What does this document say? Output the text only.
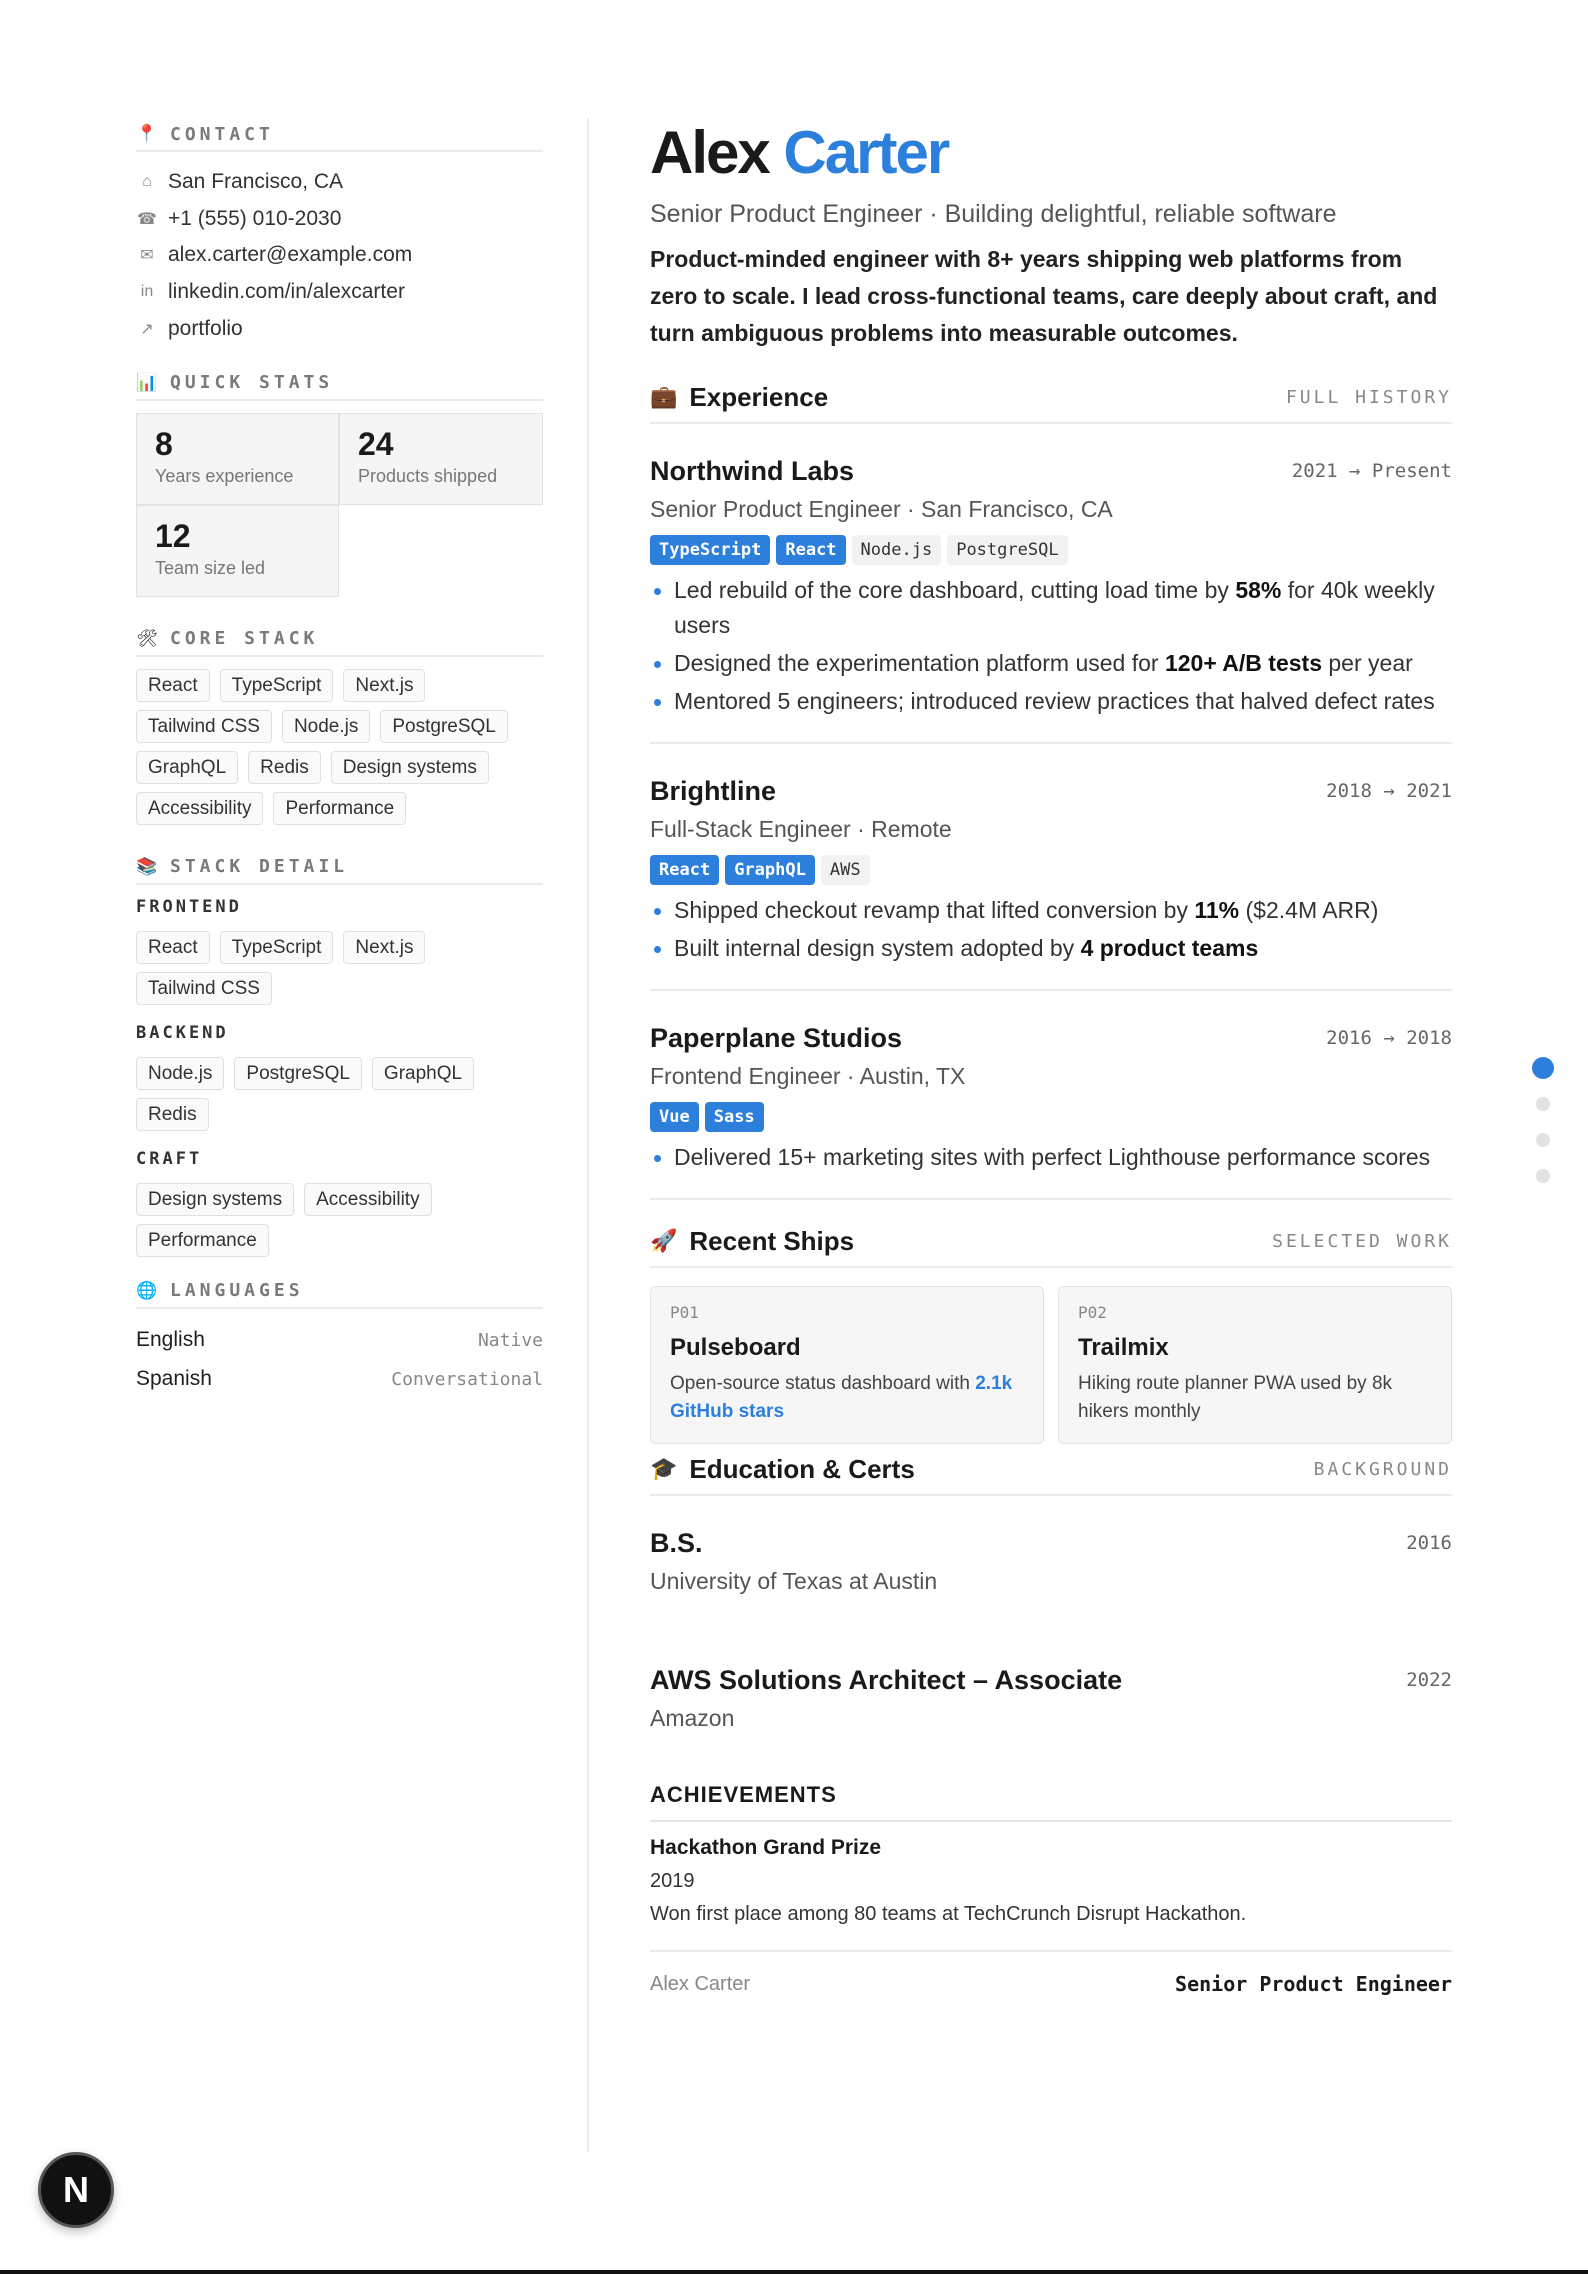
📍 CONTACT
⌂ San Francisco, CA
☎ +1 (555) 010-2030
✉ alex.carter@example.com
in linkedin.com/in/alexcarter
↗ portfolio
📊 QUICK STATS
8
Years experience
24
Products shipped
12
Team size led
🛠 CORE STACK
React	TypeScript	Next.js
Tailwind CSS	Node.js	PostgreSQL
GraphQL	Redis	Design systems
Accessibility	Performance
📚 STACK DETAIL
FRONTEND
React	TypeScript	Next.js
Tailwind CSS
BACKEND
Node.js	PostgreSQL	GraphQL
Redis
CRAFT
Design systems	Accessibility
Performance
🌐 LANGUAGES
English	Native
Spanish	Conversational
Alex Carter
Senior Product Engineer · Building delightful, reliable software

Product-minded engineer with 8+ years shipping web platforms from zero to scale. I lead cross-functional teams, care deeply about craft, and turn ambiguous problems into measurable outcomes.

💼 Experience	FULL HISTORY
Northwind Labs	2021 → Present
Senior Product Engineer · San Francisco, CA
TypeScript	React	Node.js	PostgreSQL
Led rebuild of the core dashboard, cutting load time by 58% for 40k weekly users
Designed the experimentation platform used for 120+ A/B tests per year
Mentored 5 engineers; introduced review practices that halved defect rates
Brightline	2018 → 2021
Full-Stack Engineer · Remote
React	GraphQL	AWS
Shipped checkout revamp that lifted conversion by 11% ($2.4M ARR)
Built internal design system adopted by 4 product teams
Paperplane Studios	2016 → 2018
Frontend Engineer · Austin, TX
Vue	Sass
Delivered 15+ marketing sites with perfect Lighthouse performance scores
🚀 Recent Ships	SELECTED WORK
P01
Pulseboard
Open-source status dashboard with 2.1k GitHub stars
P02
Trailmix
Hiking route planner PWA used by 8k hikers monthly
🎓 Education & Certs	BACKGROUND
B.S.	2016
University of Texas at Austin
AWS Solutions Architect – Associate	2022
Amazon
ACHIEVEMENTS
Hackathon Grand Prize
2019
Won first place among 80 teams at TechCrunch Disrupt Hackathon.
Alex Carter	Senior Product Engineer
N
